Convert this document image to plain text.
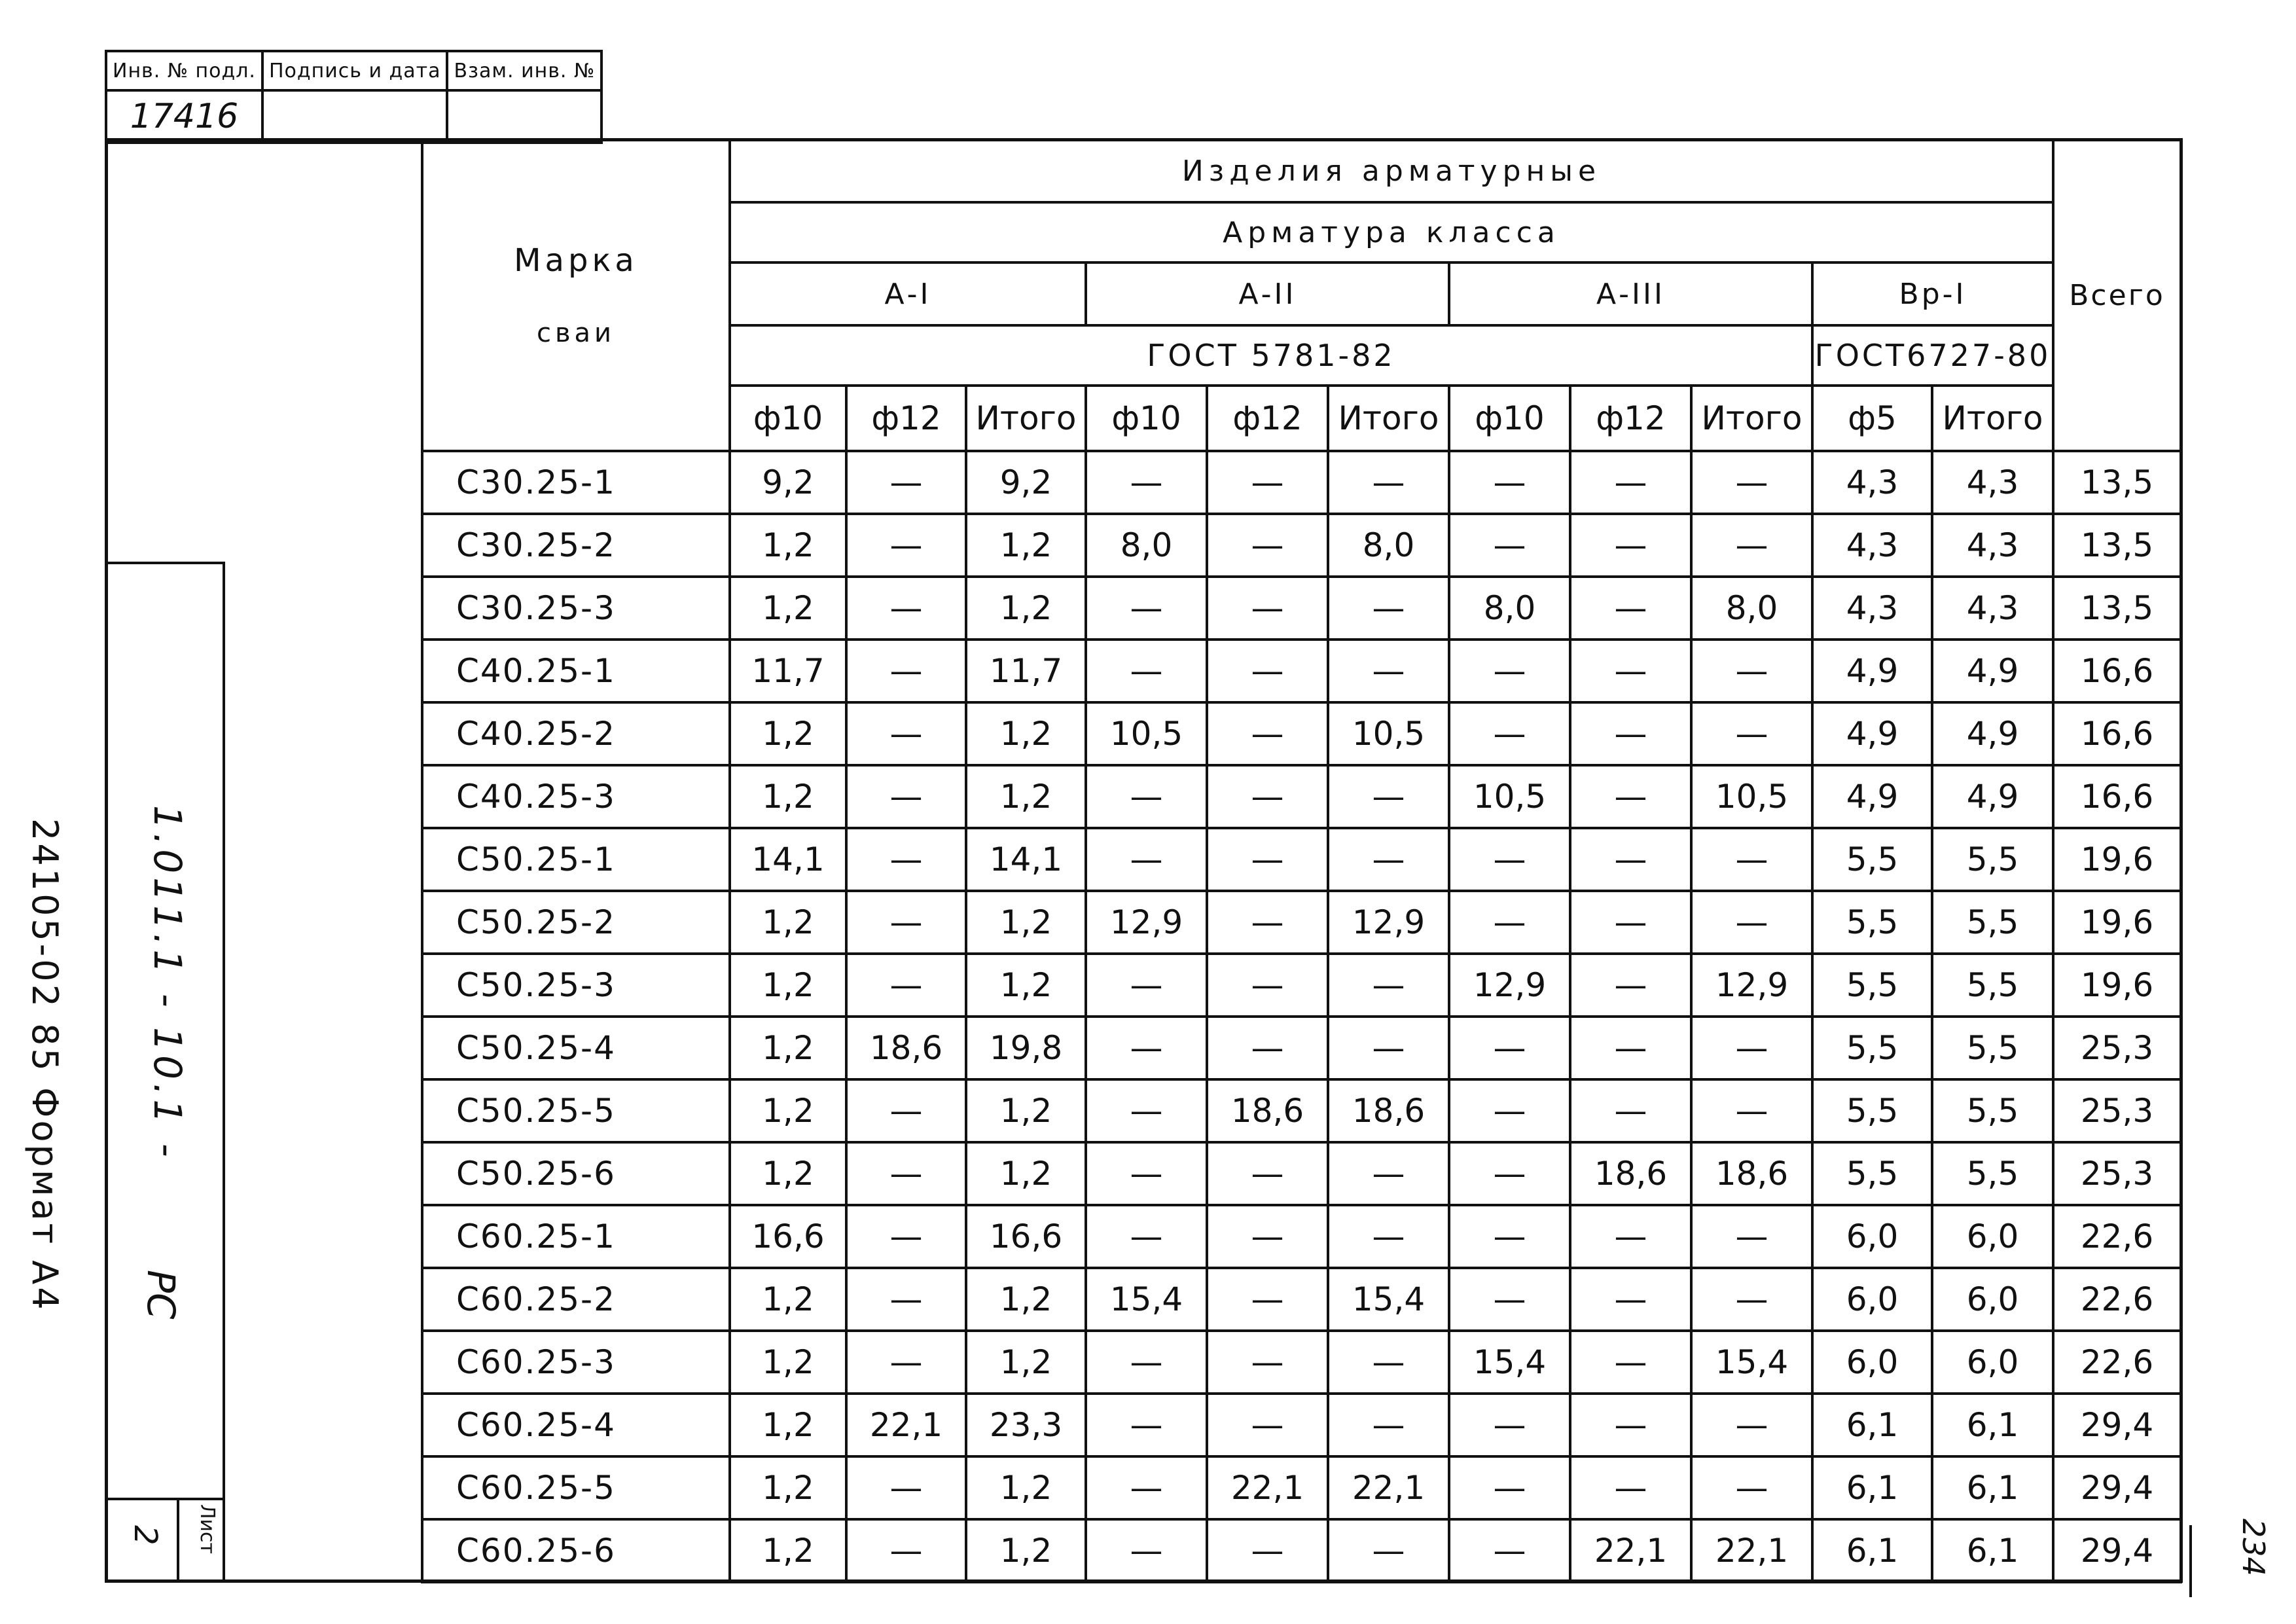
Инв. № подл.	Подпись и дата	Взам. инв. №
17416		
1.011.1 - 10.1 -
РС
24105-02 85 Формат А4
2 Лист	234
Марка
сваи	Изделия арматурные											Всего
	Арматура класса											
	А-I			А-II			А-III			Вр-I		
	ГОСТ 5781-82									ГОСТ6727-80		
	ф10	ф12	Итого	ф10	ф12	Итого	ф10	ф12	Итого	ф5	Итого	
С30.25-1	9,2	—	9,2	—	—	—	—	—	—	4,3	4,3	13,5
С30.25-2	1,2	—	1,2	8,0	—	8,0	—	—	—	4,3	4,3	13,5
С30.25-3	1,2	—	1,2	—	—	—	8,0	—	8,0	4,3	4,3	13,5
С40.25-1	11,7	—	11,7	—	—	—	—	—	—	4,9	4,9	16,6
С40.25-2	1,2	—	1,2	10,5	—	10,5	—	—	—	4,9	4,9	16,6
С40.25-3	1,2	—	1,2	—	—	—	10,5	—	10,5	4,9	4,9	16,6
С50.25-1	14,1	—	14,1	—	—	—	—	—	—	5,5	5,5	19,6
С50.25-2	1,2	—	1,2	12,9	—	12,9	—	—	—	5,5	5,5	19,6
С50.25-3	1,2	—	1,2	—	—	—	12,9	—	12,9	5,5	5,5	19,6
С50.25-4	1,2	18,6	19,8	—	—	—	—	—	—	5,5	5,5	25,3
С50.25-5	1,2	—	1,2	—	18,6	18,6	—	—	—	5,5	5,5	25,3
С50.25-6	1,2	—	1,2	—	—	—	—	18,6	18,6	5,5	5,5	25,3
С60.25-1	16,6	—	16,6	—	—	—	—	—	—	6,0	6,0	22,6
С60.25-2	1,2	—	1,2	15,4	—	15,4	—	—	—	6,0	6,0	22,6
С60.25-3	1,2	—	1,2	—	—	—	15,4	—	15,4	6,0	6,0	22,6
С60.25-4	1,2	22,1	23,3	—	—	—	—	—	—	6,1	6,1	29,4
С60.25-5	1,2	—	1,2	—	22,1	22,1	—	—	—	6,1	6,1	29,4
С60.25-6	1,2	—	1,2	—	—	—	—	22,1	22,1	6,1	6,1	29,4
